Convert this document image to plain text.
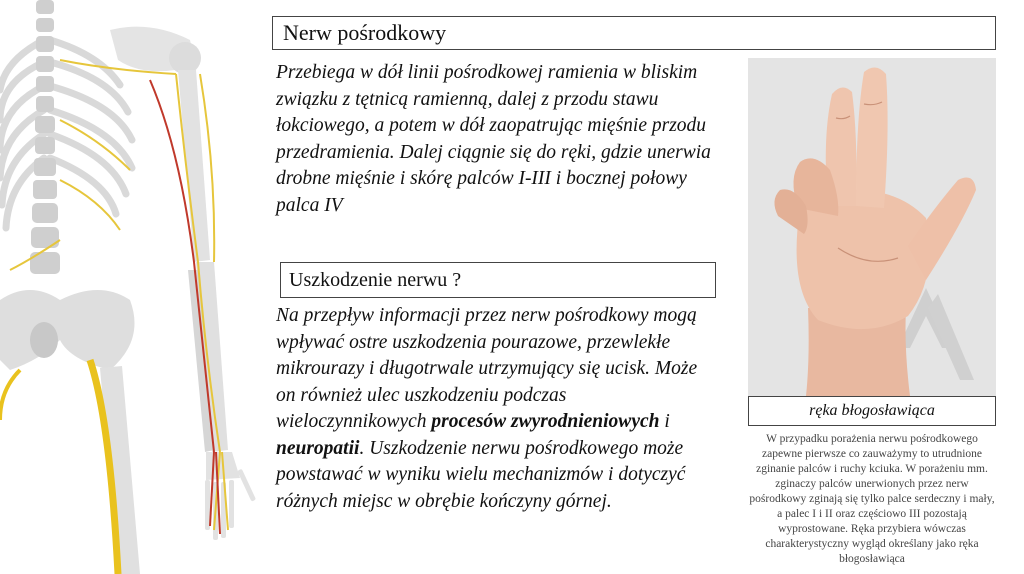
Nerw pośrodkowy

Przebiega w dół linii pośrodkowej ramienia w bliskim związku z tętnicą ramienną, dalej z przodu stawu łokciowego, a potem w dół zaopatrując mięśnie przodu przedramienia. Dalej ciągnie się do ręki, gdzie unerwia drobne mięśnie i skórę palców I-III i bocznej połowy palca IV

Uszkodzenie nerwu ?

Na przepływ informacji przez nerw pośrodkowy mogą wpływać ostre uszkodzenia pourazowe, przewlekłe mikrourazy i długotrwale utrzymujący się ucisk. Może on również ulec uszkodzeniu podczas wieloczynnikowych procesów zwyrodnieniowych i neuropatii. Uszkodzenie nerwu pośrodkowego może powstawać w wyniku wielu mechanizmów i dotyczyć różnych miejsc w obrębie kończyny górnej.

ręka błogosławiąca

W przypadku porażenia nerwu pośrodkowego zapewne pierwsze co zauważymy to utrudnione zginanie palców i ruchy kciuka. W porażeniu mm. zginaczy palców unerwionych przez nerw pośrodkowy zginają się tylko palce serdeczny i mały, a palec I i II oraz częściowo III pozostają wyprostowane. Ręka przybiera wówczas charakterystyczny wygląd określany jako ręka błogosławiąca
